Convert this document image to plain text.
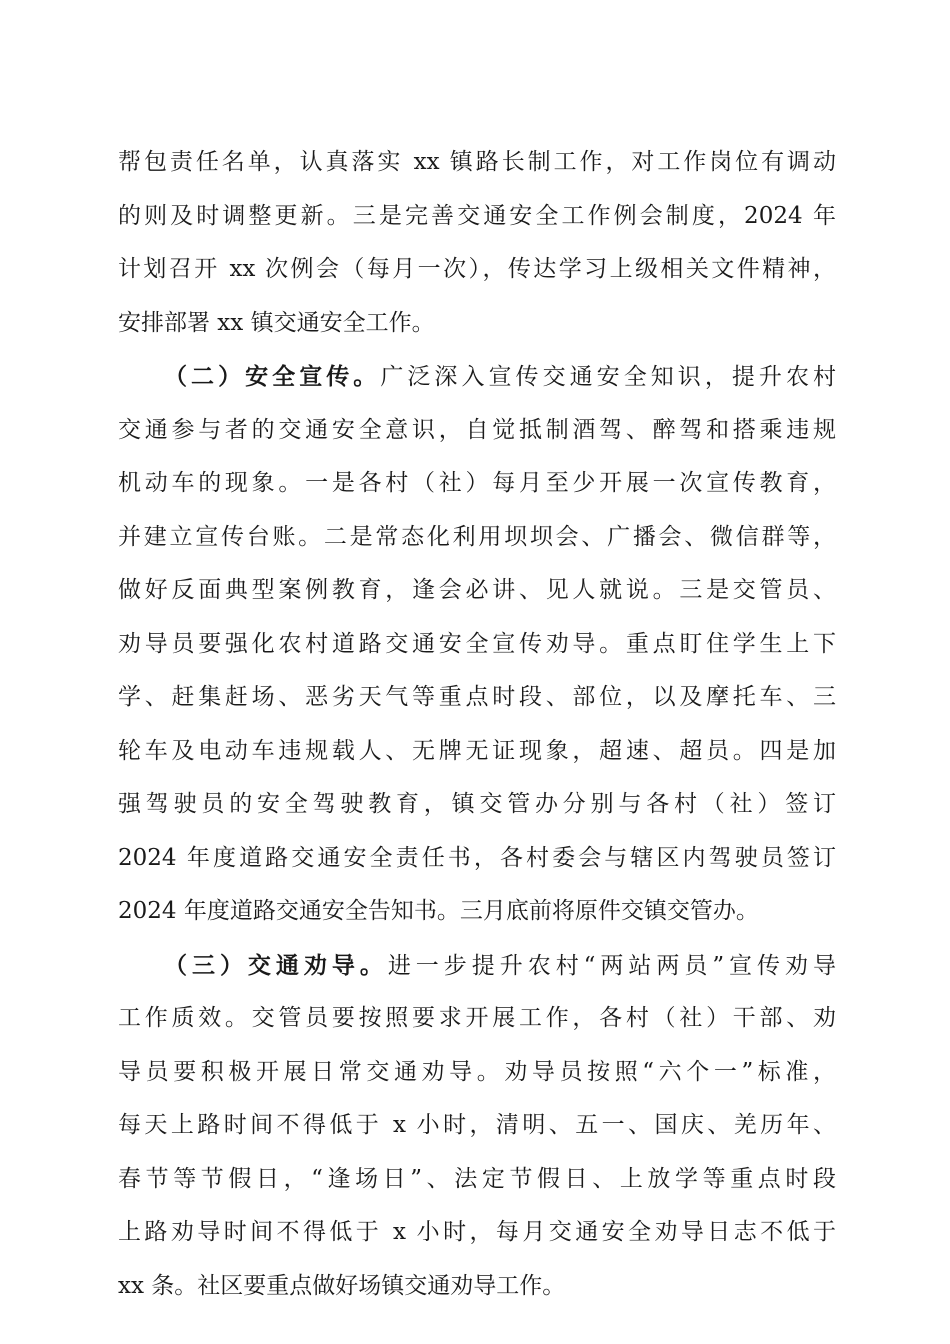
帮包责任名单，认真落实 xx 镇路长制工作，对工作岗位有调动
的则及时调整更新。三是完善交通安全工作例会制度，2024 年
计划召开 xx 次例会（每月一次），传达学习上级相关文件精神，
安排部署 xx 镇交通安全工作。
（二）安全宣传。广泛深入宣传交通安全知识，提升农村
交通参与者的交通安全意识，自觉抵制酒驾、醉驾和搭乘违规
机动车的现象。一是各村（社）每月至少开展一次宣传教育，
并建立宣传台账。二是常态化利用坝坝会、广播会、微信群等，
做好反面典型案例教育，逢会必讲、见人就说。三是交管员、
劝导员要强化农村道路交通安全宣传劝导。重点盯住学生上下
学、赶集赶场、恶劣天气等重点时段、部位，以及摩托车、三
轮车及电动车违规载人、无牌无证现象，超速、超员。四是加
强驾驶员的安全驾驶教育，镇交管办分别与各村（社）签订
2024 年度道路交通安全责任书，各村委会与辖区内驾驶员签订
2024 年度道路交通安全告知书。三月底前将原件交镇交管办。
（三）交通劝导。进一步提升农村“两站两员”宣传劝导
工作质效。交管员要按照要求开展工作，各村（社）干部、劝
导员要积极开展日常交通劝导。劝导员按照“六个一”标准，
每天上路时间不得低于 x 小时，清明、五一、国庆、羌历年、
春节等节假日，“逢场日”、法定节假日、上放学等重点时段
上路劝导时间不得低于 x 小时，每月交通安全劝导日志不低于
xx 条。社区要重点做好场镇交通劝导工作。
